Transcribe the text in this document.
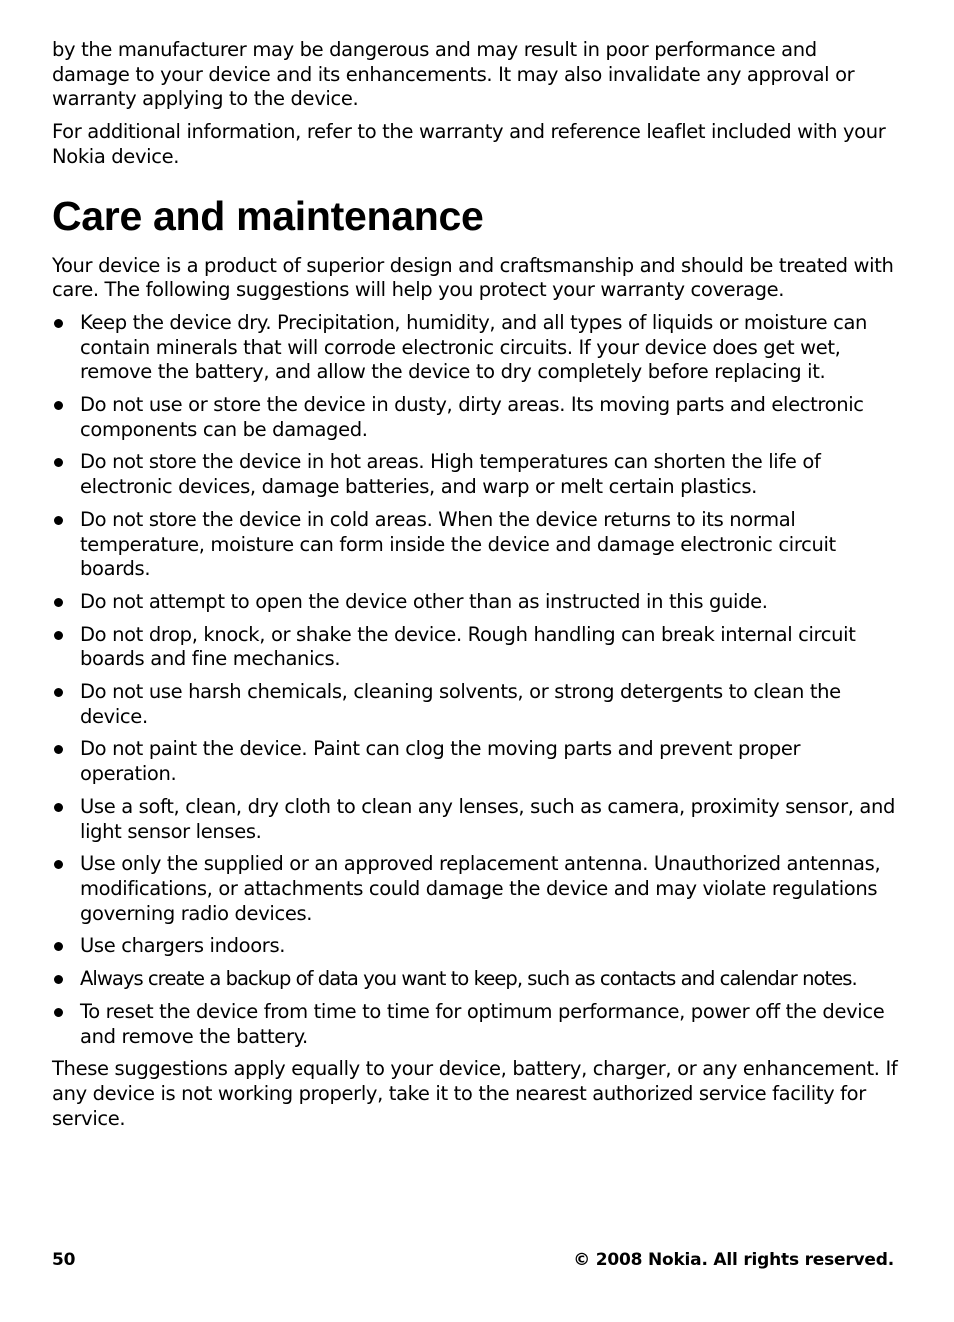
by the manufacturer may be dangerous and may result in poor performance and damage to your device and its enhancements. It may also invalidate any approval or warranty applying to the device.

For additional information, refer to the warranty and reference leaflet included with your Nokia device.

Care and maintenance

Your device is a product of superior design and craftsmanship and should be treated with care. The following suggestions will help you protect your warranty coverage.

Keep the device dry. Precipitation, humidity, and all types of liquids or moisture can contain minerals that will corrode electronic circuits. If your device does get wet, remove the battery, and allow the device to dry completely before replacing it.
Do not use or store the device in dusty, dirty areas. Its moving parts and electronic components can be damaged.
Do not store the device in hot areas. High temperatures can shorten the life of electronic devices, damage batteries, and warp or melt certain plastics.
Do not store the device in cold areas. When the device returns to its normal temperature, moisture can form inside the device and damage electronic circuit boards.
Do not attempt to open the device other than as instructed in this guide.
Do not drop, knock, or shake the device. Rough handling can break internal circuit boards and fine mechanics.
Do not use harsh chemicals, cleaning solvents, or strong detergents to clean the device.
Do not paint the device. Paint can clog the moving parts and prevent proper operation.
Use a soft, clean, dry cloth to clean any lenses, such as camera, proximity sensor, and light sensor lenses.
Use only the supplied or an approved replacement antenna. Unauthorized antennas, modifications, or attachments could damage the device and may violate regulations governing radio devices.
Use chargers indoors.
Always create a backup of data you want to keep, such as contacts and calendar notes.
To reset the device from time to time for optimum performance, power off the device and remove the battery.

These suggestions apply equally to your device, battery, charger, or any enhancement. If any device is not working properly, take it to the nearest authorized service facility for service.

50	© 2008 Nokia. All rights reserved.
